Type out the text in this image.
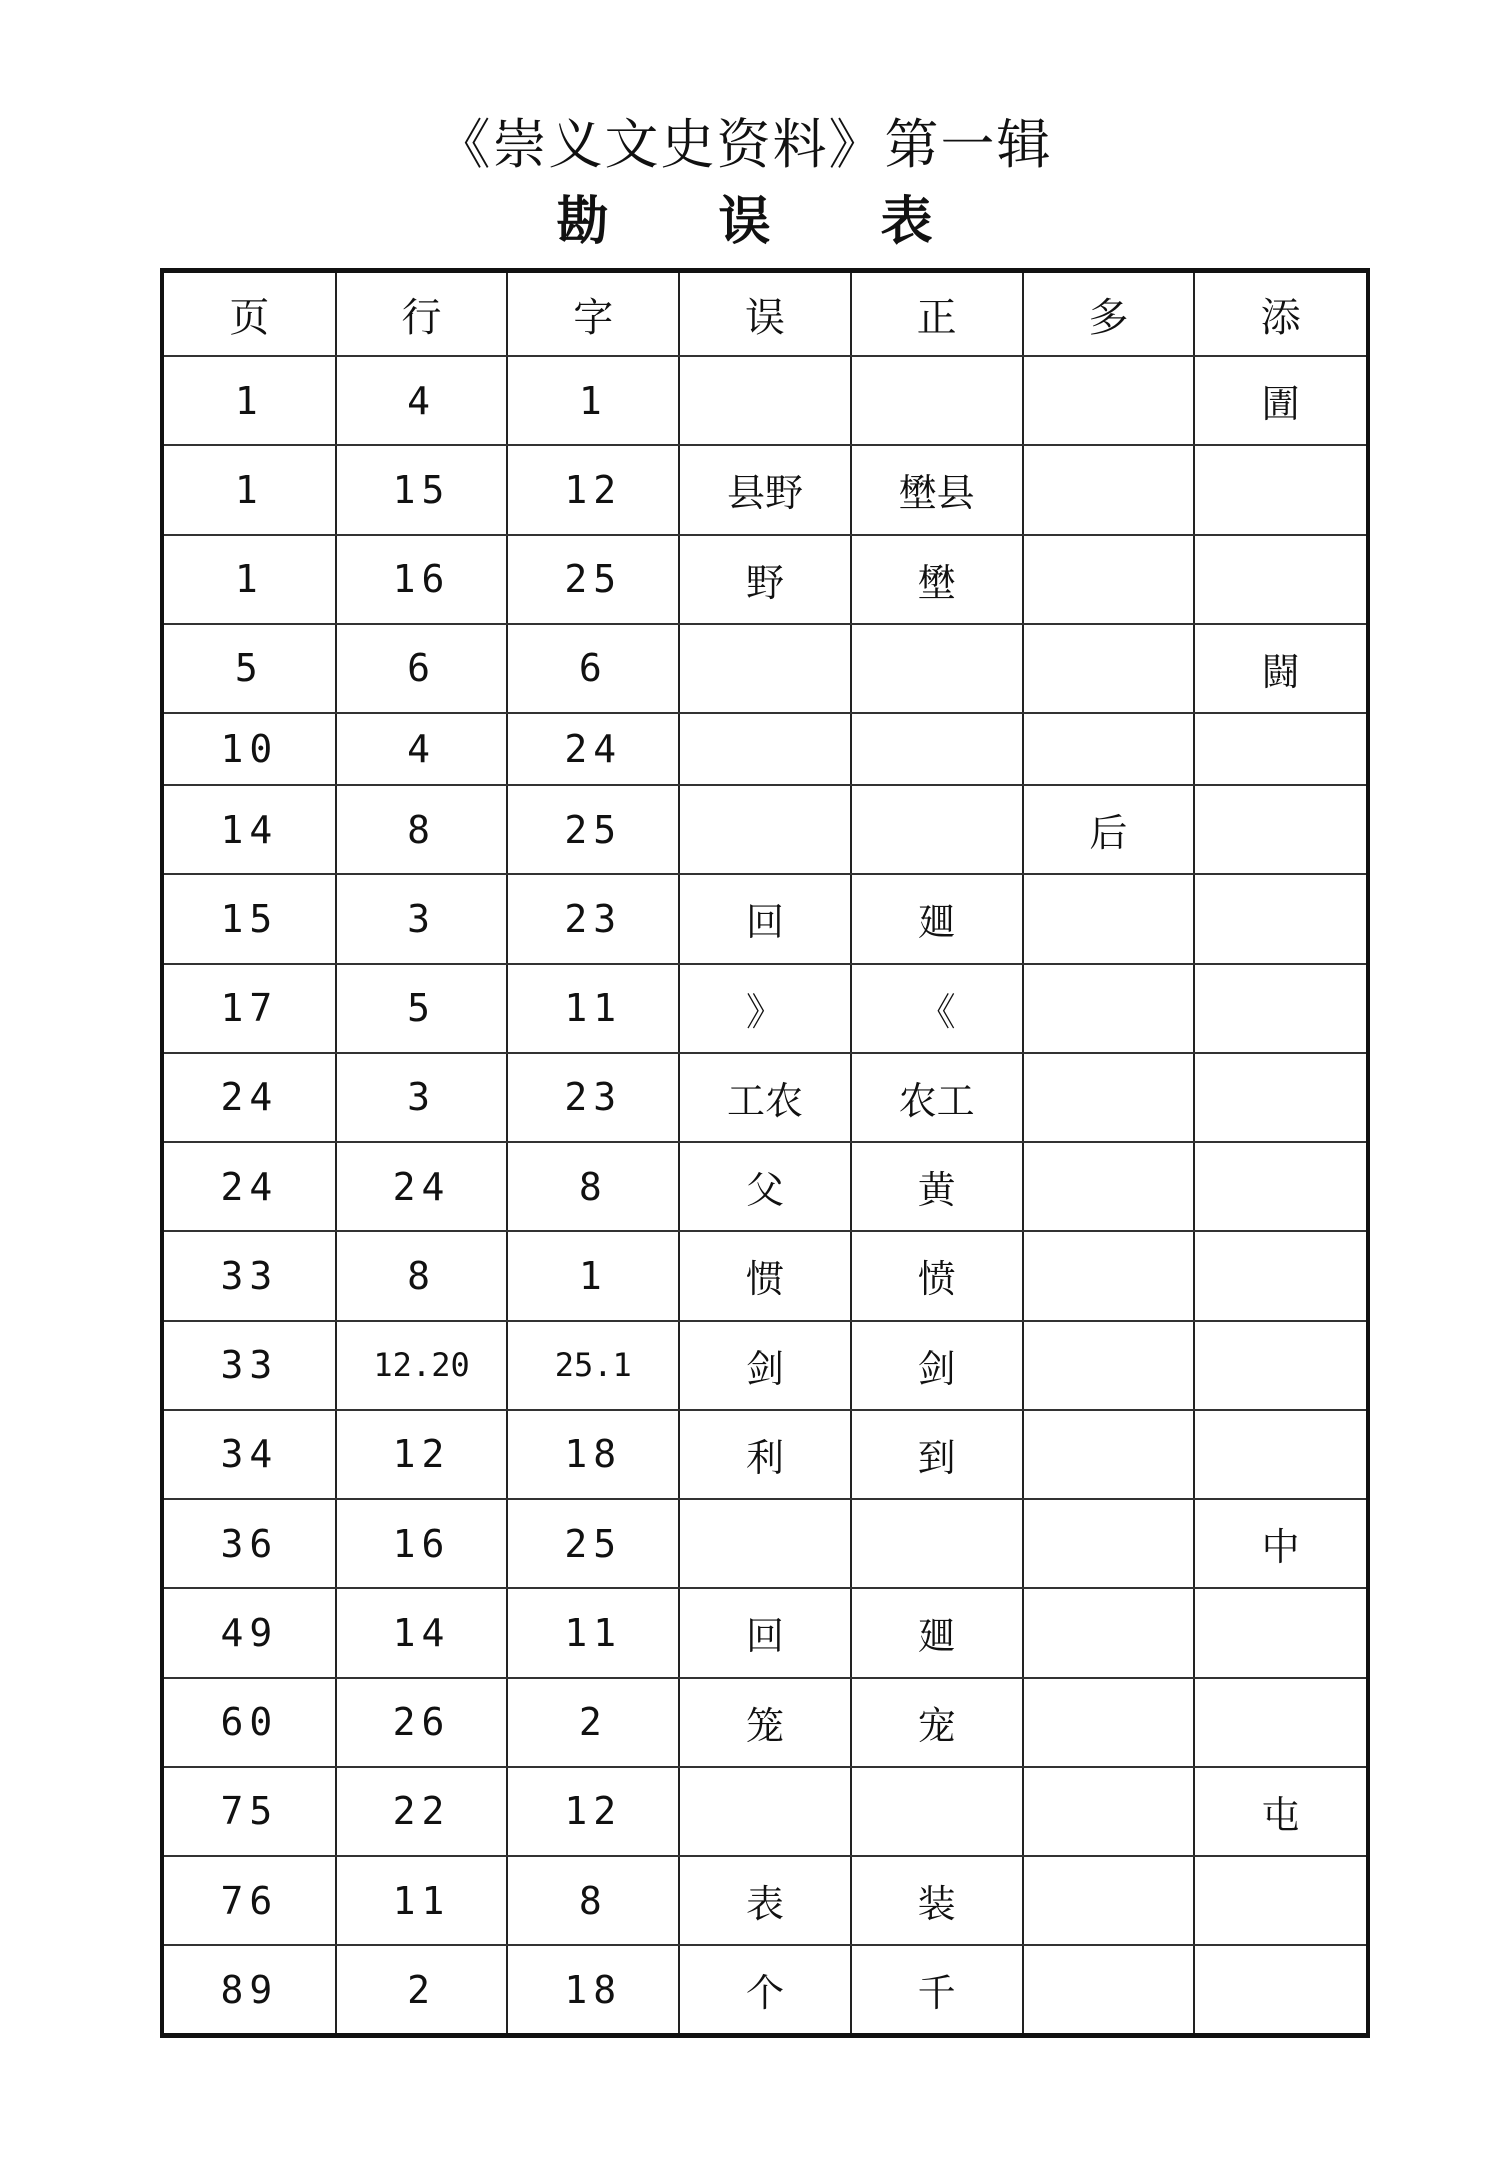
《崇义文史资料》第一辑
勘 误 表
页	行	字	误	正	多	添
1	4	1				圊
1	15	12	县野	壄县		
1	16	25	野	壄		
5	6	6				闘
10	4	24				
14	8	25			后	
15	3	23	回	廽		
17	5	11	》	《		
24	3	23	工农	农工		
24	24	8	父	黄		
33	8	1	惯	愤		
33	12.20	25.1	剑	剑		
34	12	18	利	到		
36	16	25				中
49	14	11	回	廽		
60	26	2	笼	宠		
75	22	12				屯
76	11	8	表	装		
89	2	18	个	千		
